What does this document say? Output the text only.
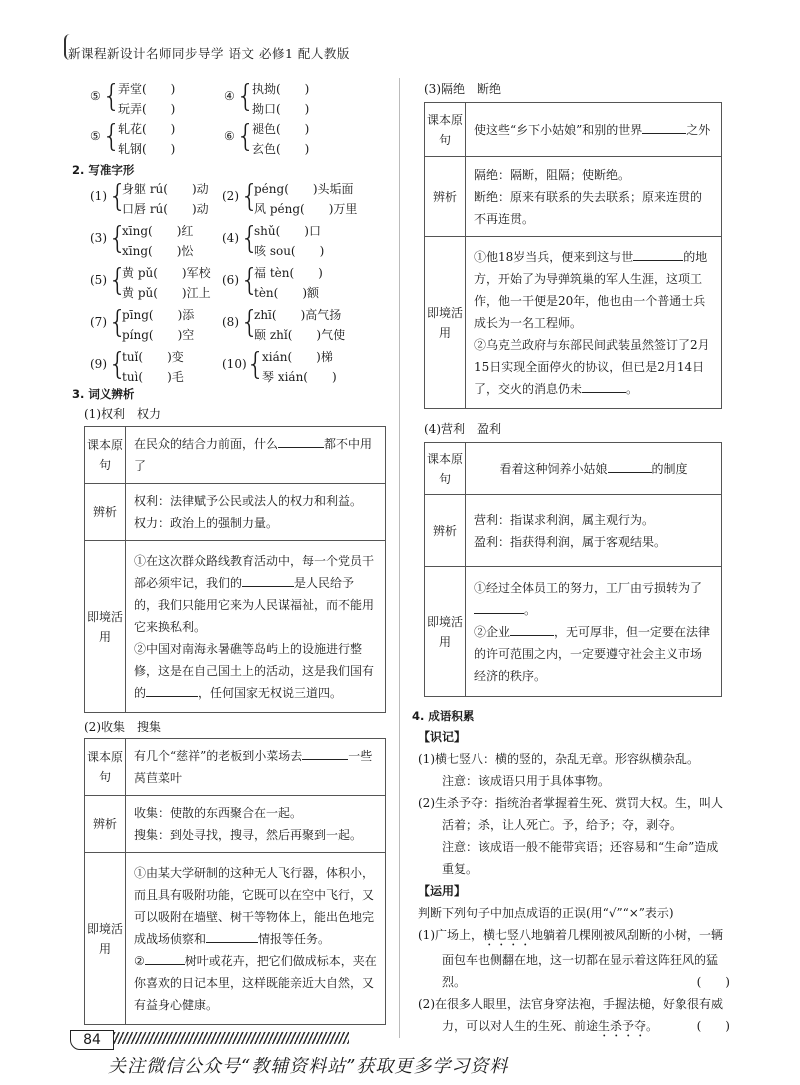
新课程新设计名师同步导学 语文 必修1 配人教版
⑤ {
弄堂(　　)
玩弄(　　)
④ {
执拗(　　)
拗口(　　)
⑤ {
轧花(　　)
轧钢(　　)
⑥ {
褪色(　　)
玄色(　　)
2. 写准字形
(1) {
身躯 rú(　　)动
口唇 rú(　　)动
(2) {
péng(　　)头垢面
风 péng(　　)万里
(3) {
xīng(　　)红
xīng(　　)忪
(4) {
shǔ(　　)口
咳 sou(　　)
(5) {
黄 pǔ(　　)军校
黄 pǔ(　　)江上
(6) {
福 tèn(　　)
tèn(　　)额
(7) {
pīng(　　)添
píng(　　)空
(8) {
zhī(　　)高气扬
颐 zhǐ(　　)气使
(9) {
tuǐ(　　)变
tuì(　　)毛
(10) {
xián(　　)梯
琴 xián(　　)
3. 词义辨析
(1)权利　权力
课本原句	在民众的结合力前面，什么 都不中用了
辨析	权利：法律赋予公民或法人的权力和利益。
权力：政治上的强制力量。

即境活用	①在这次群众路线教育活动中，每一个党员干部必须牢记，我们的 是人民给予的，我们只能用它来为人民谋福祉，而不能用它来换私利。
②中国对南海永暑礁等岛屿上的设施进行整修，这是在自己国土上的活动，这是我们国有的 ，任何国家无权说三道四。
(2)收集　搜集
课本原句	有几个“慈祥”的老板到小菜场去 一些莴苣菜叶
辨析	收集：使散的东西聚合在一起。
搜集：到处寻找，搜寻，然后再聚到一起。

即境活用	①由某大学研制的这种无人飞行器，体积小，而且具有吸附功能，它既可以在空中飞行，又可以吸附在墙壁、树干等物体上，能出色地完成战场侦察和 情报等任务。
② 树叶或花卉，把它们做成标本，夹在你喜欢的日记本里，这样既能亲近大自然，又有益身心健康。
(3)隔绝　断绝
课本原句	使这些“乡下小姑娘”和别的世界 之外
辨析	隔绝：隔断，阻隔；使断绝。
断绝：原来有联系的失去联系；原来连贯的不再连贯。

即境活用	①他18岁当兵，便来到这与世 的地方，开始了为导弹筑巢的军人生涯，这项工作，他一干便是20年，他也由一个普通士兵成长为一名工程师。
②乌克兰政府与东部民间武装虽然签订了2月15日实现全面停火的协议，但已是2月14日了，交火的消息仍未 。
(4)营利　盈利
课本原句	看着这种饲养小姑娘 的制度
辨析	营利：指谋求利润，属主观行为。
盈利：指获得利润，属于客观结果。

即境活用	①经过全体员工的努力，工厂由亏损转为了。
②企业 ，无可厚非，但一定要在法律的许可范围之内，一定要遵守社会主义市场经济的秩序。
4. 成语积累

【识记】

(1)横七竖八：横的竖的，杂乱无章。形容纵横杂乱。

注意：该成语只用于具体事物。

(2)生杀予夺：指统治者掌握着生死、赏罚大权。生，叫人活着；杀，让人死亡。予，给予；夺，剥夺。

注意：该成语一般不能带宾语；还容易和“生命”造成重复。

【运用】

判断下列句子中加点成语的正误(用“√”“×”表示)

(1)广场上，横七竖八地躺着几棵刚被风刮断的小树，一辆面包车也侧翻在地，这一切都在显示着这阵狂风的猛烈。	(　　)

(2)在很多人眼里，法官身穿法袍，手握法槌，好象很有威力，可以对人生的生死、前途生杀予夺。	(　　)

84
关注微信公众号“教辅资料站”获取更多学习资料
